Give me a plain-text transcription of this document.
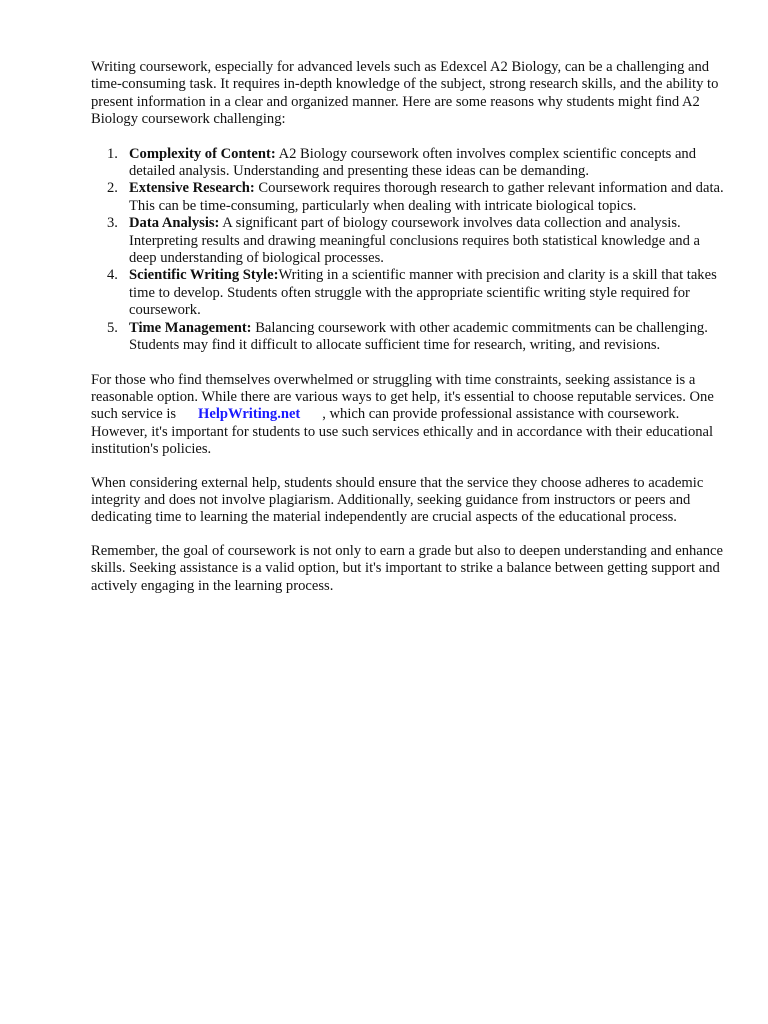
Writing coursework, especially for advanced levels such as Edexcel A2 Biology, can be a challenging and time-consuming task. It requires in-depth knowledge of the subject, strong research skills, and the ability to present information in a clear and organized manner. Here are some reasons why students might find A2 Biology coursework challenging:

1. Complexity of Content: A2 Biology coursework often involves complex scientific concepts and detailed analysis. Understanding and presenting these ideas can be demanding.
2. Extensive Research: Coursework requires thorough research to gather relevant information and data. This can be time-consuming, particularly when dealing with intricate biological topics.
3. Data Analysis: A significant part of biology coursework involves data collection and analysis. Interpreting results and drawing meaningful conclusions requires both statistical knowledge and a deep understanding of biological processes.
4. Scientific Writing Style:Writing in a scientific manner with precision and clarity is a skill that takes time to develop. Students often struggle with the appropriate scientific writing style required for coursework.
5. Time Management: Balancing coursework with other academic commitments can be challenging. Students may find it difficult to allocate sufficient time for research, writing, and revisions.

For those who find themselves overwhelmed or struggling with time constraints, seeking assistance is a reasonable option. While there are various ways to get help, it's essential to choose reputable services. One such service is      HelpWriting.net      , which can provide professional assistance with coursework. However, it's important for students to use such services ethically and in accordance with their educational institution's policies.

When considering external help, students should ensure that the service they choose adheres to academic integrity and does not involve plagiarism. Additionally, seeking guidance from instructors or peers and dedicating time to learning the material independently are crucial aspects of the educational process.

Remember, the goal of coursework is not only to earn a grade but also to deepen understanding and enhance skills. Seeking assistance is a valid option, but it's important to strike a balance between getting support and actively engaging in the learning process.
